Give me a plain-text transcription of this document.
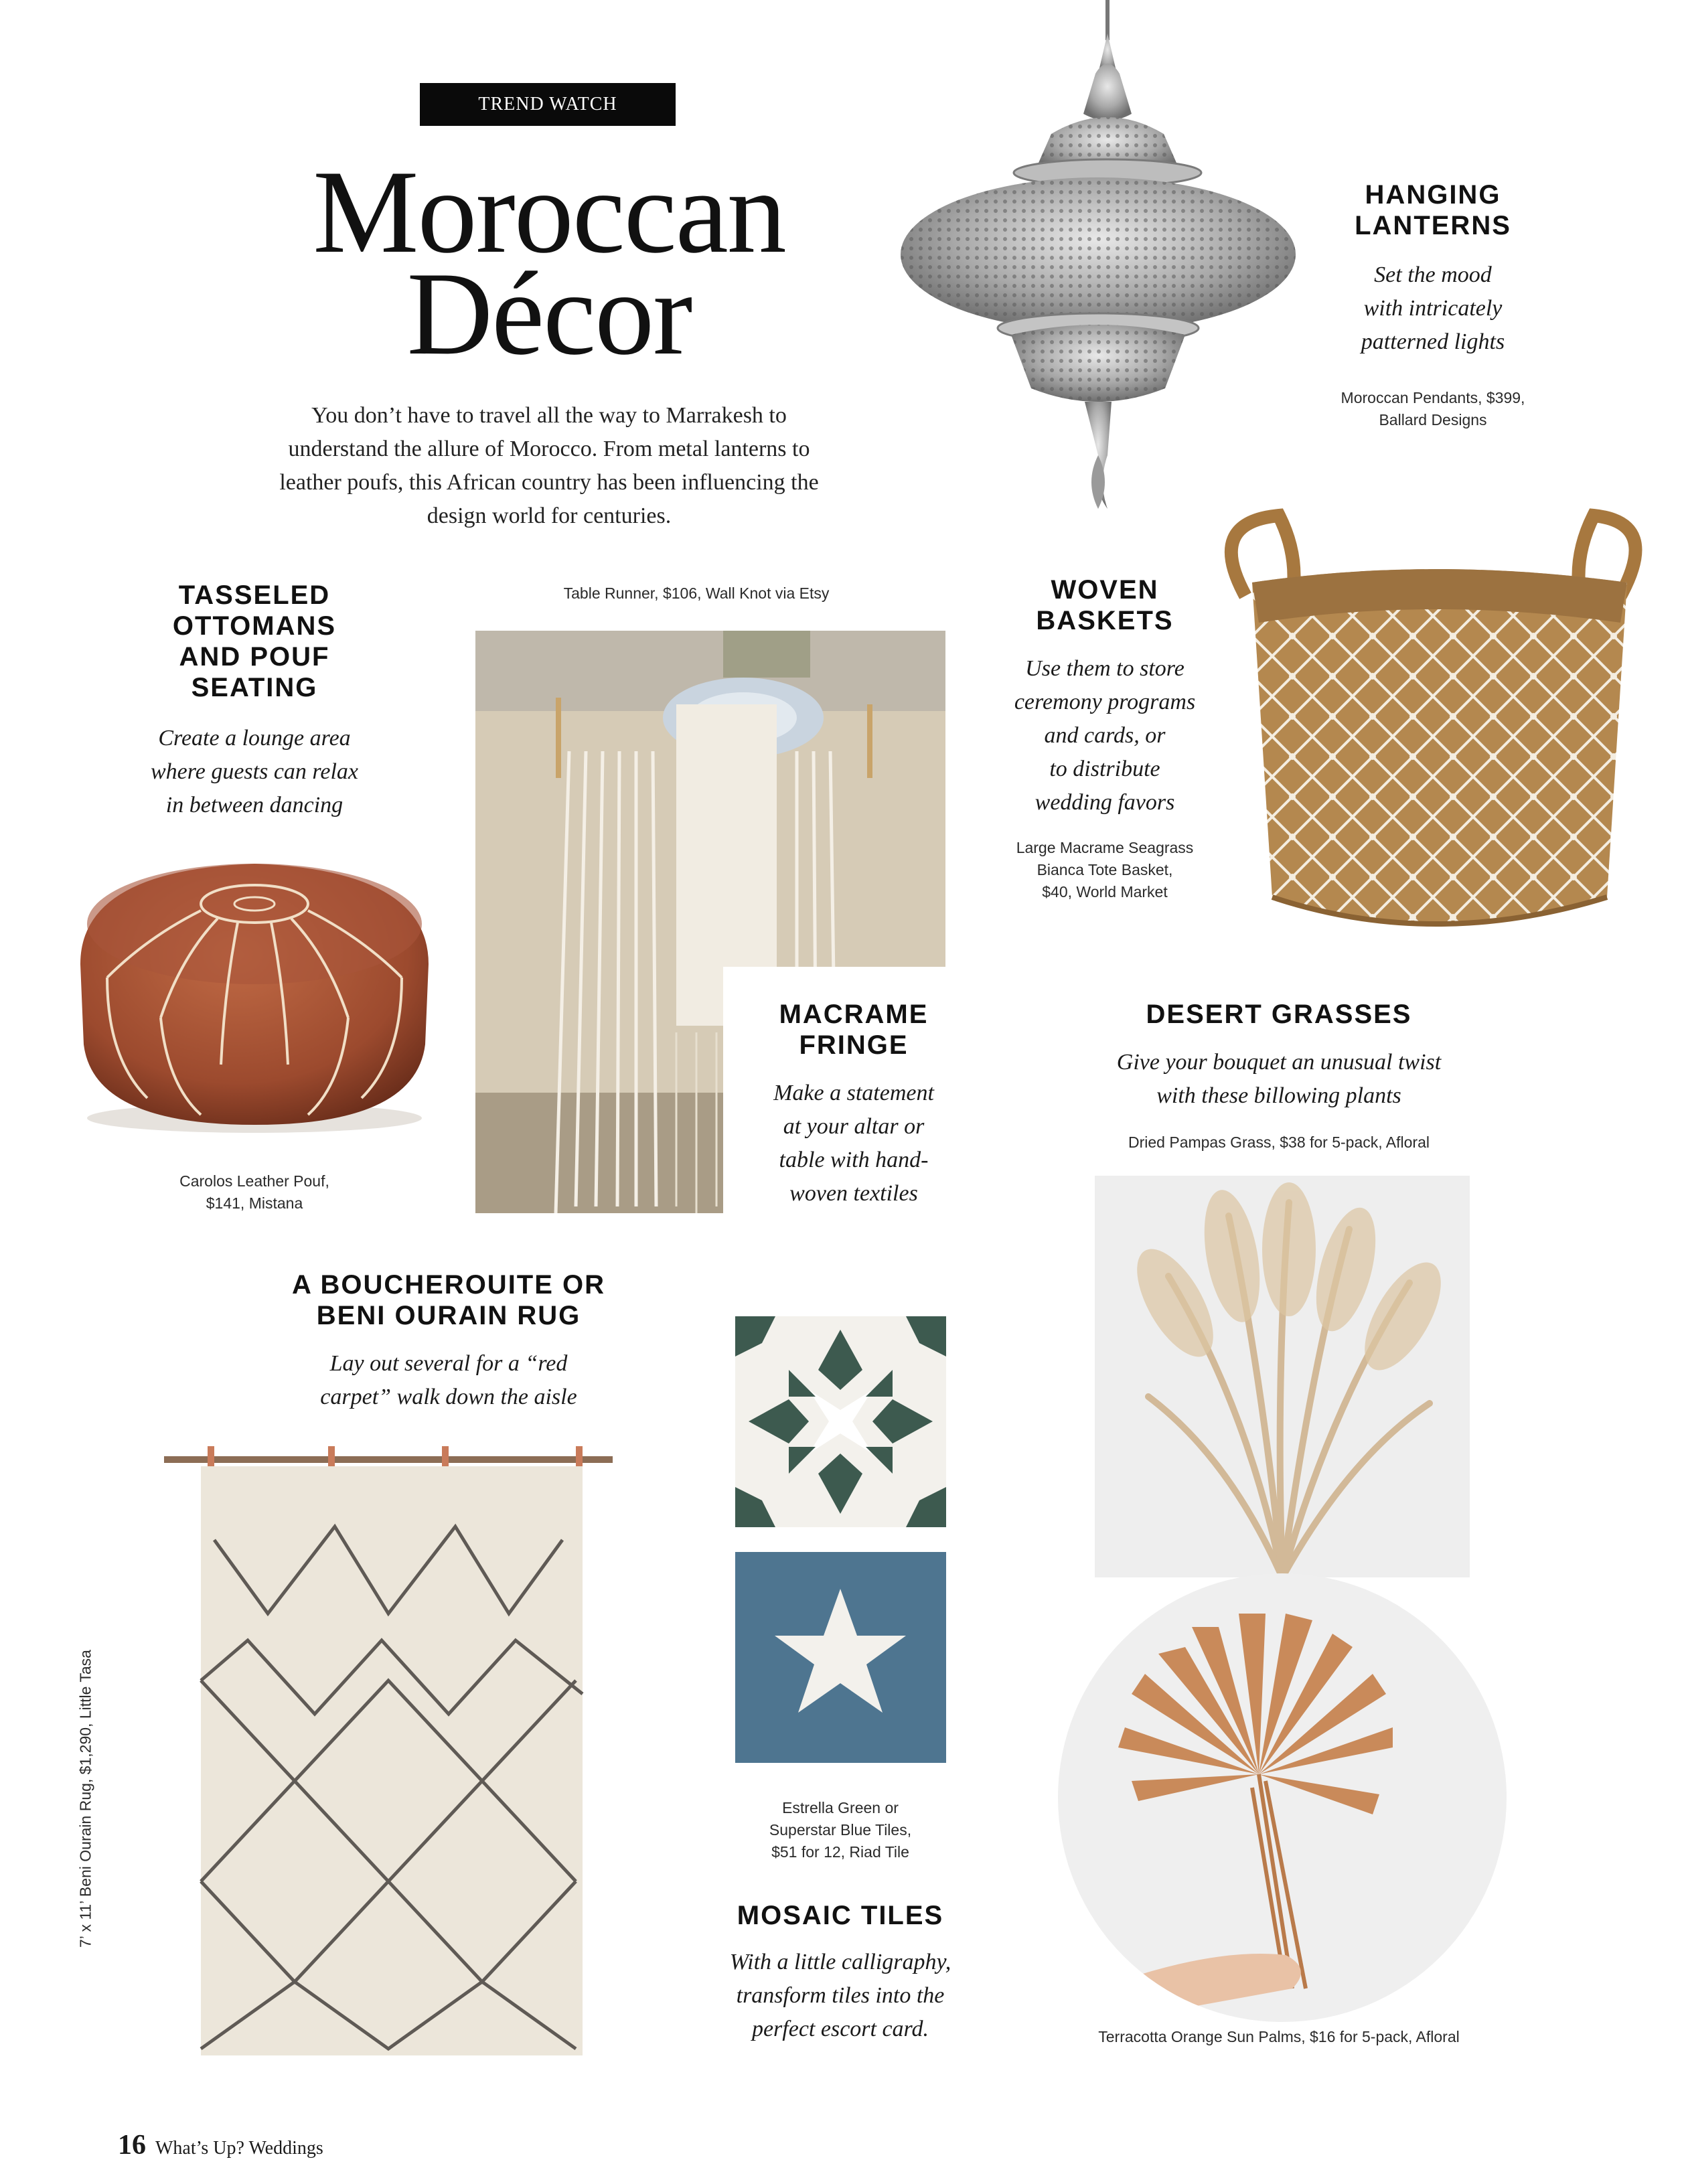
TREND WATCH
Moroccan
Décor
You don’t have to travel all the way to Marrakesh to understand the allure of Morocco. From metal lanterns to leather poufs, this African country has been influencing the design world for centuries.
HANGING
LANTERNS
Set the mood
with intricately
patterned lights
Moroccan Pendants, $399,
Ballard Designs
TASSELED
OTTOMANS
AND POUF
SEATING
Create a lounge area
where guests can relax
in between dancing
Carolos Leather Pouf,
$141, Mistana
Table Runner, $106, Wall Knot via Etsy
MACRAME
FRINGE
Make a statement
at your altar or
table with hand-
woven textiles
WOVEN
BASKETS
Use them to store
ceremony programs
and cards, or
to distribute
wedding favors
Large Macrame Seagrass
Bianca Tote Basket,
$40, World Market
DESERT GRASSES
Give your bouquet an unusual twist
with these billowing plants
Dried Pampas Grass, $38 for 5-pack, Afloral
Terracotta Orange Sun Palms, $16 for 5-pack, Afloral
A BOUCHEROUITE OR
BENI OURAIN RUG
Lay out several for a “red
carpet” walk down the aisle
7’ x 11’ Beni Ourain Rug, $1,290, Little Tasa	Estrella Green or
Superstar Blue Tiles,
$51 for 12, Riad Tile
MOSAIC TILES
With a little calligraphy,
transform tiles into the
perfect escort card.
16 What’s Up? Weddings
